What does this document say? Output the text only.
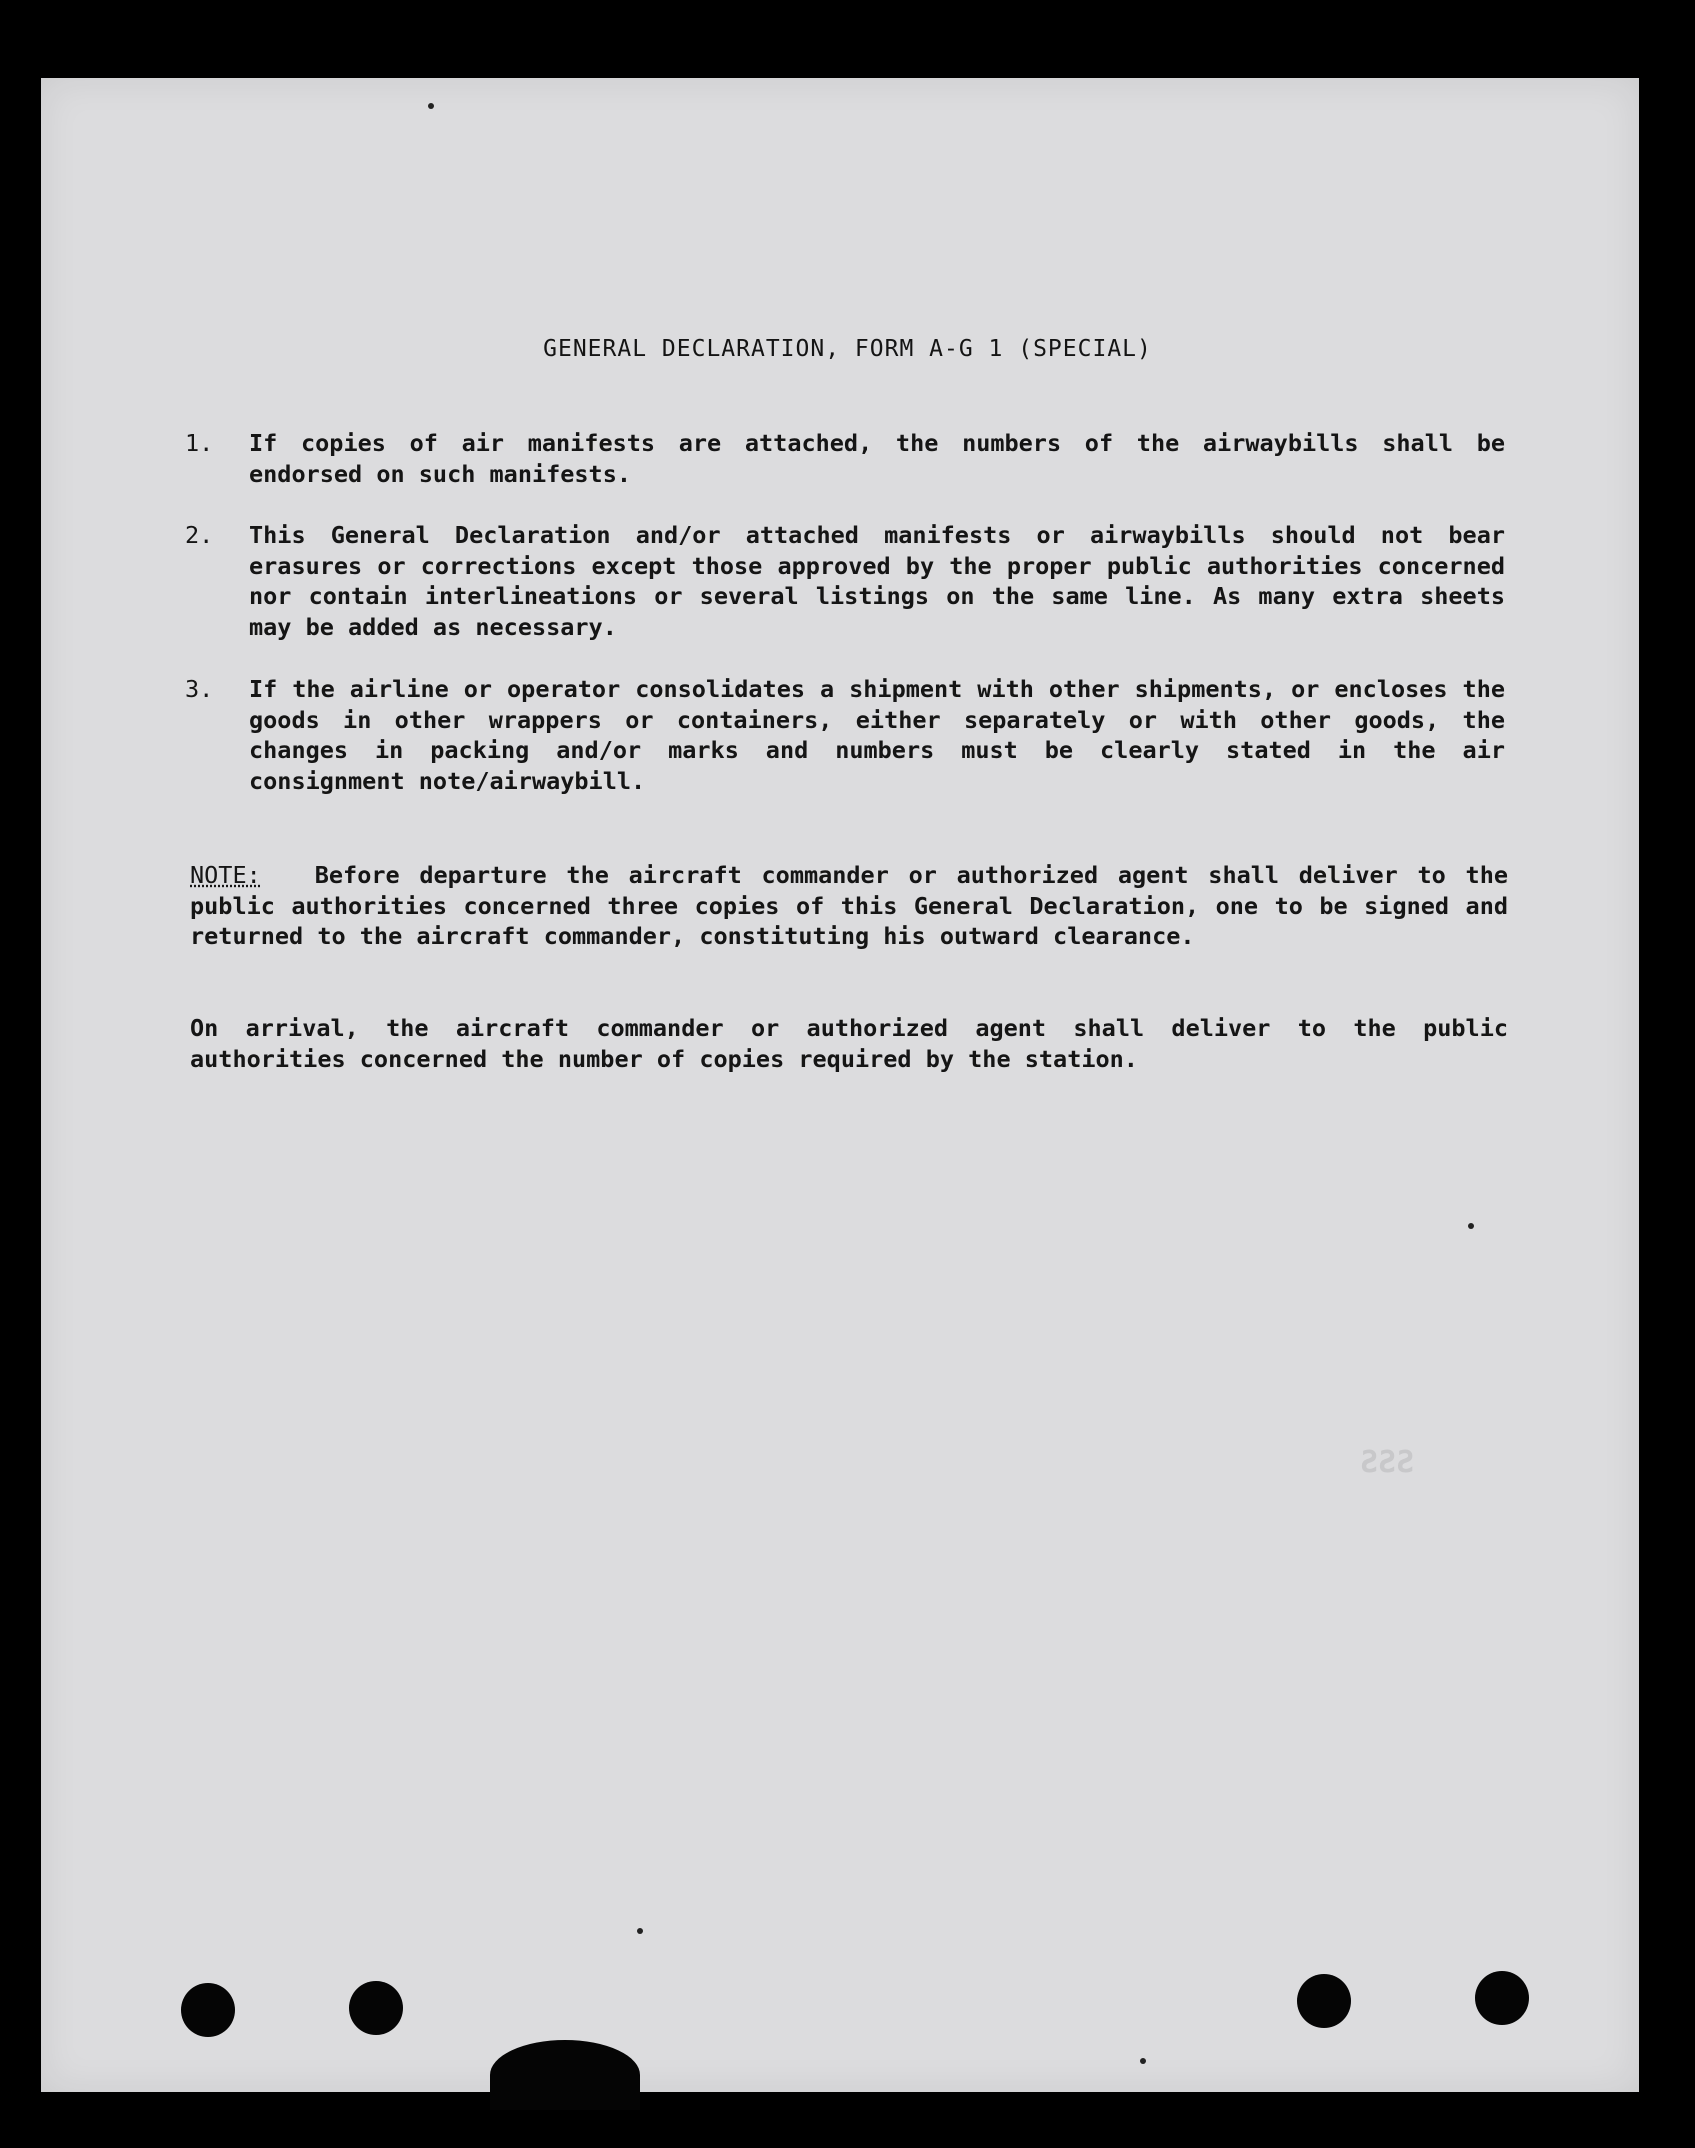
GENERAL DECLARATION, FORM A-G 1 (SPECIAL)
1. If copies of air manifests are attached, the numbers of the airwaybills shall be endorsed on such manifests.
2. This General Declaration and/or attached manifests or airwaybills should not bear erasures or corrections except those approved by the proper public authorities concerned nor contain interlineations or several listings on the same line. As many extra sheets may be added as necessary.
3. If the airline or operator consolidates a shipment with other shipments, or encloses the goods in other wrappers or containers, either separately or with other goods, the changes in packing and/or marks and numbers must be clearly stated in the air consignment note/airwaybill.
NOTE: Before departure the aircraft commander or authorized agent shall deliver to the public authorities concerned three copies of this General Declaration, one to be signed and returned to the aircraft commander, constituting his outward clearance.
On arrival, the aircraft commander or authorized agent shall deliver to the public authorities concerned the number of copies required by the station.
SSS
